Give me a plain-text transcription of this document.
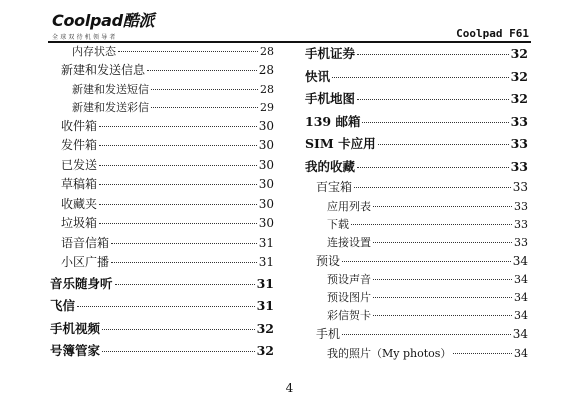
Coolpad酷派
全球双待机领导者	Coolpad F61
内存状态	28
新建和发送信息	28
新建和发送短信	28
新建和发送彩信	29
收件箱	30
发件箱	30
已发送	30
草稿箱	30
收藏夹	30
垃圾箱	30
语音信箱	31
小区广播	31
音乐随身听	31
飞信	31
手机视频	32
号簿管家	32
手机证券	32
快讯	32
手机地图	32
139 邮箱	33
SIM 卡应用	33
我的收藏	33
百宝箱	33
应用列表	33
下载	33
连接设置	33
预设	34
预设声音	34
预设图片	34
彩信贺卡	34
手机	34
我的照片（My photos）	34
4
